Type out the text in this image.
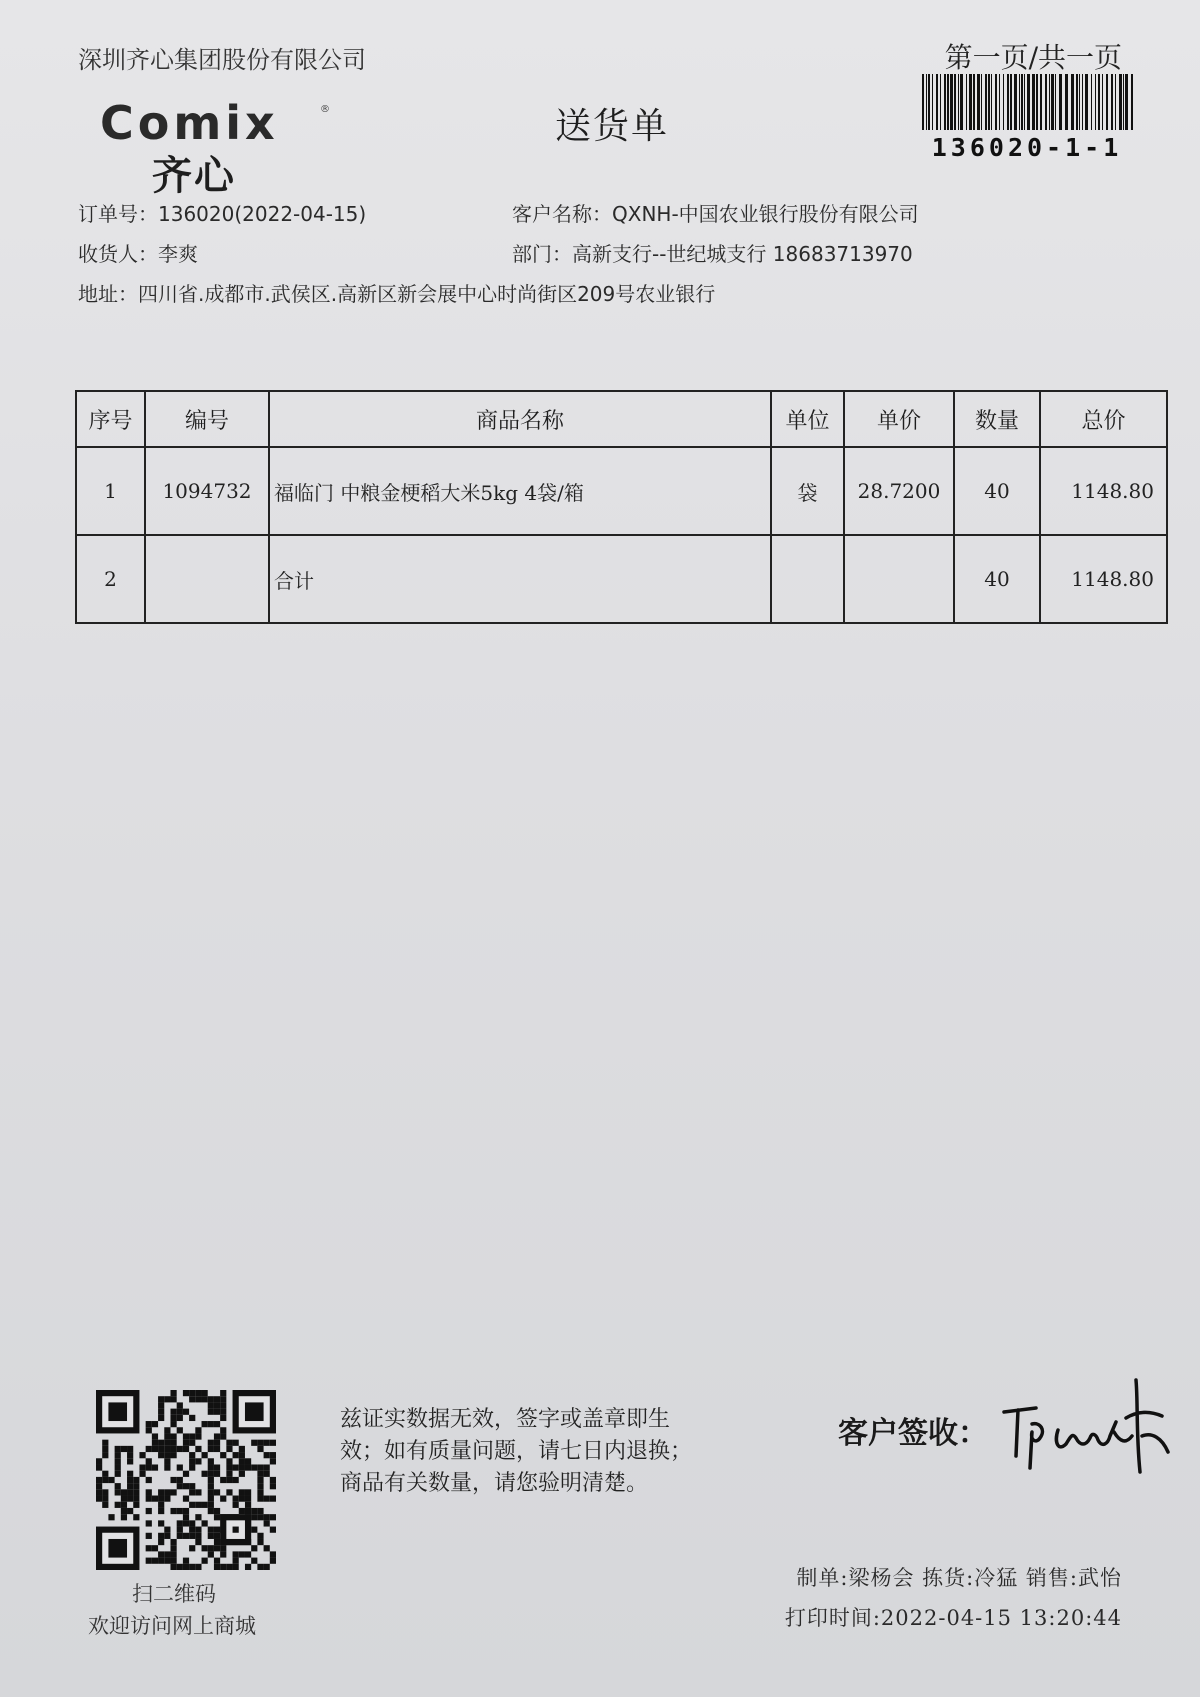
深圳齐心集团股份有限公司	第一页/共一页
136020-1-1
Comix	®
齐心
送货单
订单号：136020(2022-04-15)	客户名称：QXNH-中国农业银行股份有限公司
收货人：李爽	部门：高新支行--世纪城支行 18683713970
地址：四川省.成都市.武侯区.高新区新会展中心时尚街区209号农业银行
序号	编号	商品名称	单位	单价	数量	总价
1	1094732	福临门 中粮金梗稻大米5kg 4袋/箱	袋	28.7200	40	1148.80
2		合计			40	1148.80
扫二维码
欢迎访问网上商城
兹证实数据无效，签字或盖章即生
效；如有质量问题，请七日内退换；
商品有关数量，请您验明清楚。
客户签收：
制单:梁杨会 拣货:冷猛 销售:武怡
打印时间:2022-04-15 13:20:44
